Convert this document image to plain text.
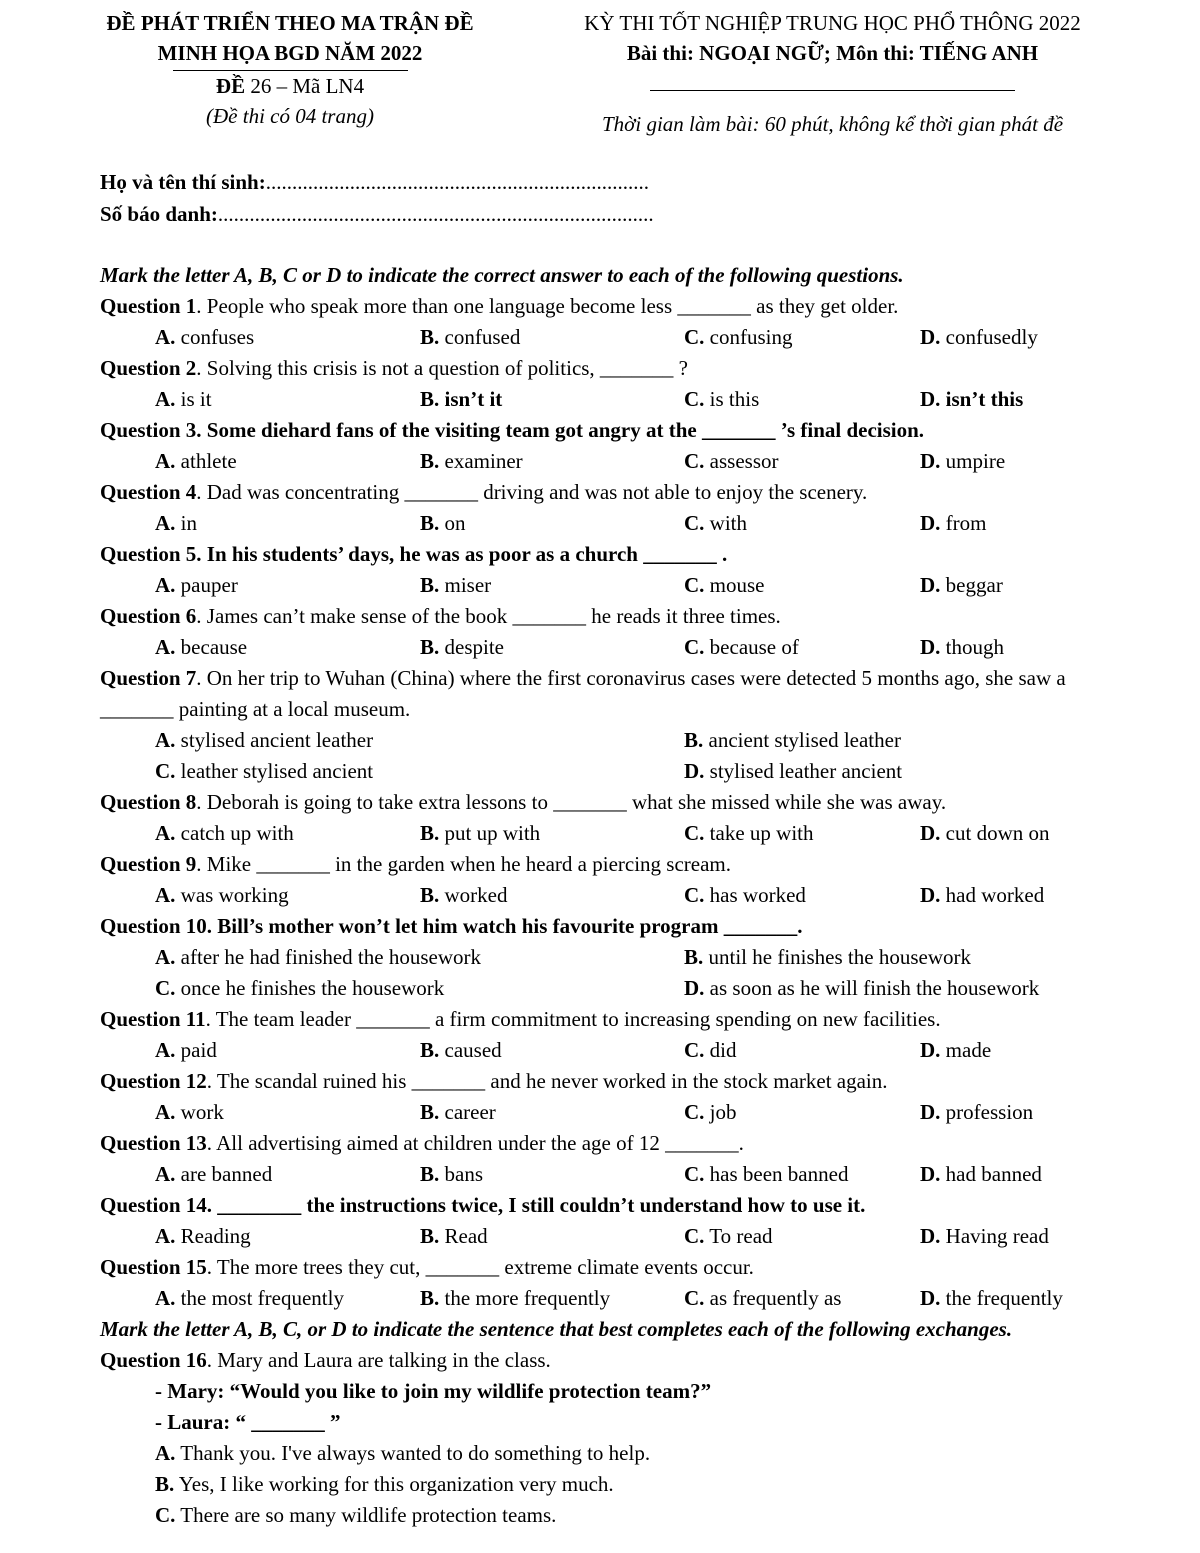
ĐỀ PHÁT TRIỂN THEO MA TRẬN ĐỀ
MINH HỌA BGD NĂM 2022
ĐỀ 26 – Mã LN4
(Đề thi có 04 trang)
KỲ THI TỐT NGHIỆP TRUNG HỌC PHỔ THÔNG 2022
Bài thi: NGOẠI NGỮ; Môn thi: TIẾNG ANH
Thời gian làm bài: 60 phút, không kể thời gian phát đề
Họ và tên thí sinh:.........................................................................
Số báo danh:...................................................................................
Mark the letter A, B, C or D to indicate the correct answer to each of the following questions.
Question 1. People who speak more than one language become less _______ as they get older.
A. confuses	B. confused	C. confusing	D. confusedly
Question 2. Solving this crisis is not a question of politics, _______ ?
A. is it	B. isn’t it	C. is this	D. isn’t this
Question 3. Some diehard fans of the visiting team got angry at the _______ ’s final decision.
A. athlete	B. examiner	C. assessor	D. umpire
Question 4. Dad was concentrating _______ driving and was not able to enjoy the scenery.
A. in	B. on	C. with	D. from
Question 5. In his students’ days, he was as poor as a church _______ .
A. pauper	B. miser	C. mouse	D. beggar
Question 6. James can’t make sense of the book _______ he reads it three times.
A. because	B. despite	C. because of	D. though
Question 7. On her trip to Wuhan (China) where the first coronavirus cases were detected 5 months ago, she saw a _______ painting at a local museum.
A. stylised ancient leather	B. ancient stylised leather
C. leather stylised ancient	D. stylised leather ancient
Question 8. Deborah is going to take extra lessons to _______ what she missed while she was away.
A. catch up with	B. put up with	C. take up with	D. cut down on
Question 9. Mike _______ in the garden when he heard a piercing scream.
A. was working	B. worked	C. has worked	D. had worked
Question 10. Bill’s mother won’t let him watch his favourite program _______.
A. after he had finished the housework	B. until he finishes the housework
C. once he finishes the housework	D. as soon as he will finish the housework
Question 11. The team leader _______ a firm commitment to increasing spending on new facilities.
A. paid	B. caused	C. did	D. made
Question 12. The scandal ruined his _______ and he never worked in the stock market again.
A. work	B. career	C. job	D. profession
Question 13. All advertising aimed at children under the age of 12 _______.
A. are banned	B. bans	C. has been banned	D. had banned
Question 14. ________ the instructions twice, I still couldn’t understand how to use it.
A. Reading	B. Read	C. To read	D. Having read
Question 15. The more trees they cut, _______ extreme climate events occur.
A. the most frequently	B. the more frequently	C. as frequently as	D. the frequently
Mark the letter A, B, C, or D to indicate the sentence that best completes each of the following exchanges.
Question 16. Mary and Laura are talking in the class.
- Mary: “Would you like to join my wildlife protection team?”
- Laura: “ _______ ”
A. Thank you. I've always wanted to do something to help.
B. Yes, I like working for this organization very much.
C. There are so many wildlife protection teams.
